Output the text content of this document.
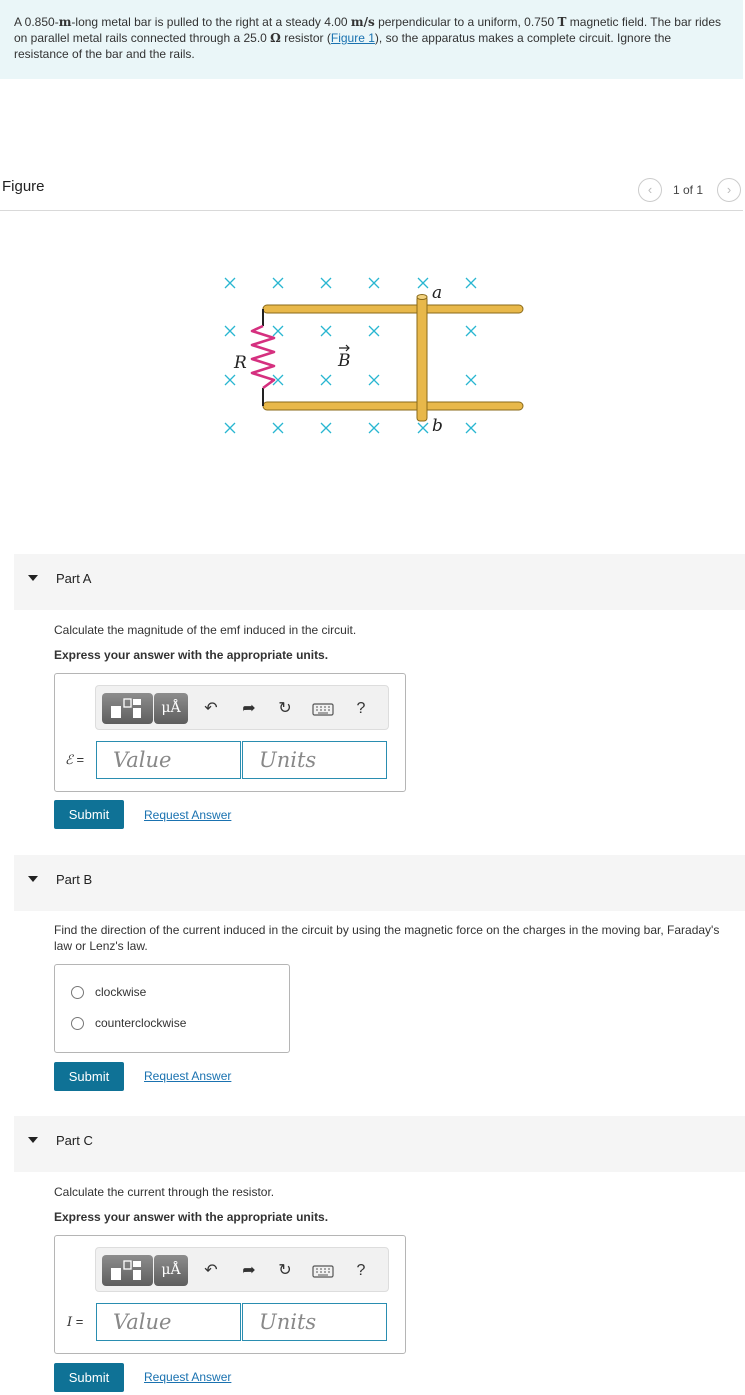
A 0.850-m-long metal bar is pulled to the right at a steady 4.00 m/s perpendicular to a uniform, 0.750 T magnetic field. The bar rides on parallel metal rails connected through a 25.0 Ω resistor (Figure 1), so the apparatus makes a complete circuit. Ignore the resistance of the bar and the rails.
Figure	‹	1 of 1	›
a
b
R	B
Part A
Calculate the magnitude of the emf induced in the circuit.
Express your answer with the appropriate units.
μÅ	↶ ➦ ↻	?
ℰ =	Value	Units
Submit	Request Answer
Part B
Find the direction of the current induced in the circuit by using the magnetic force on the charges in the moving bar, Faraday's law or Lenz's law.
clockwise
counterclockwise
Submit	Request Answer
Part C
Calculate the current through the resistor.
Express your answer with the appropriate units.
μÅ	↶ ➦ ↻	?
I =	Value	Units
Submit	Request Answer
